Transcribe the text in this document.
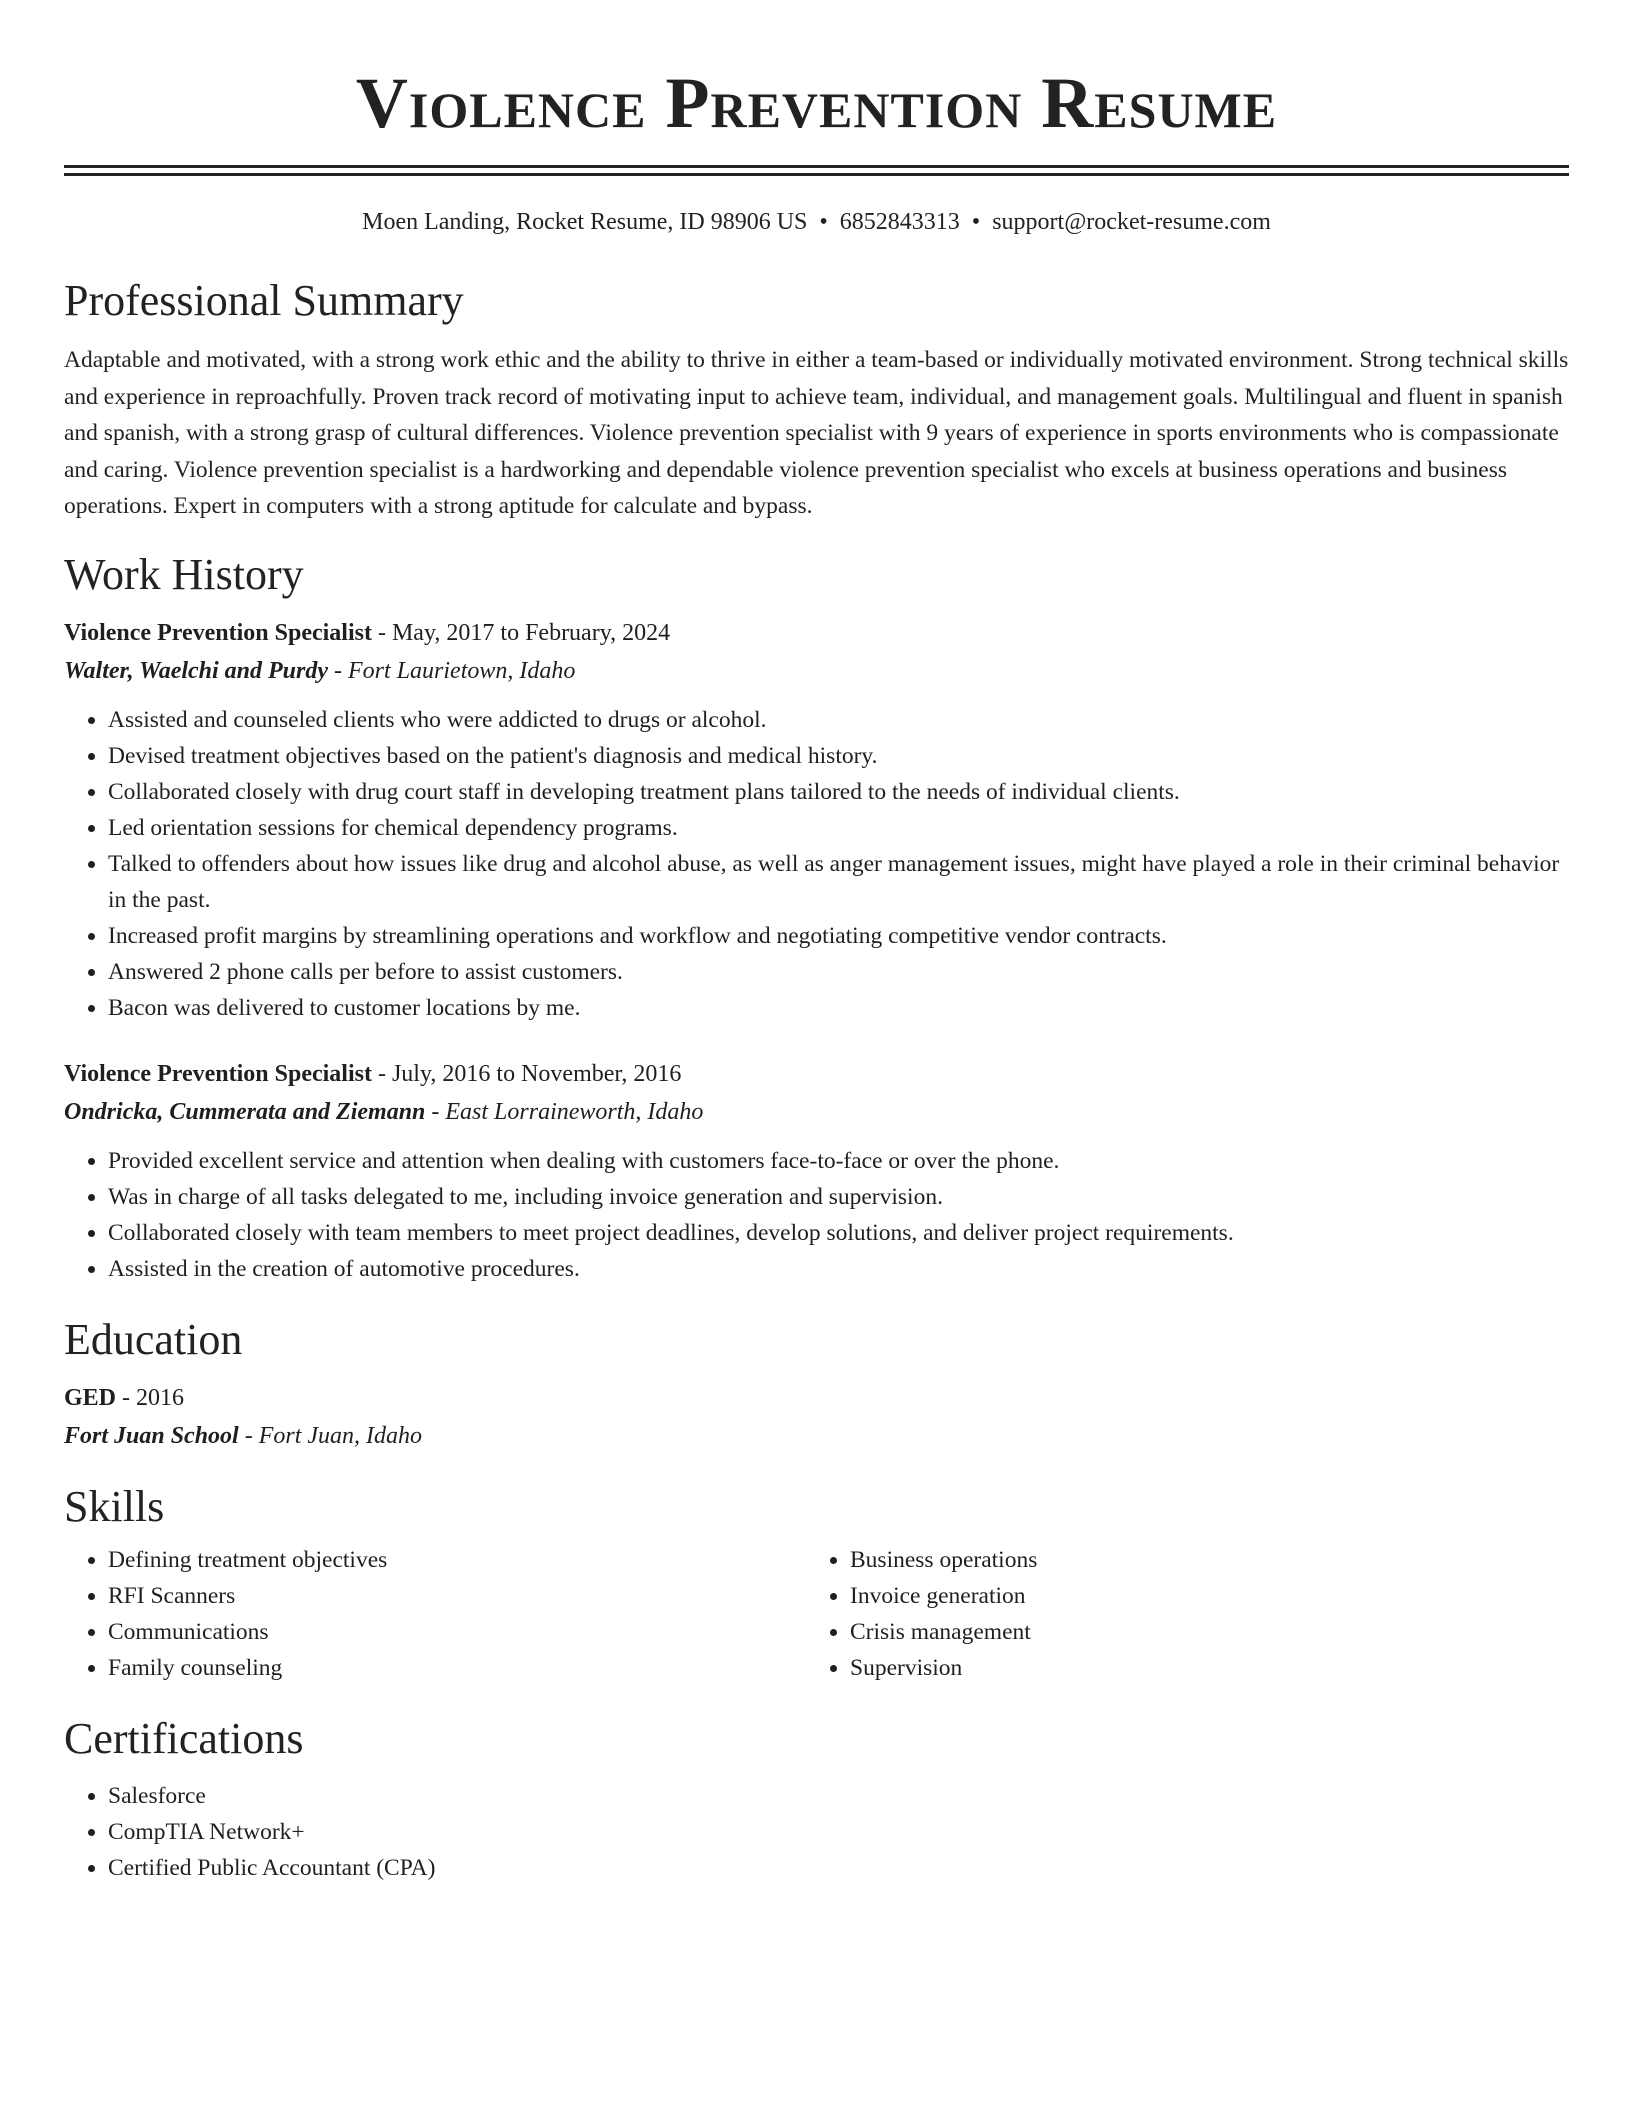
Violence Prevention Resume
Moen Landing, Rocket Resume, ID 98906 US • 6852843313 • support@rocket-resume.com
Professional Summary
Adaptable and motivated, with a strong work ethic and the ability to thrive in either a team-based or individually motivated environment. Strong technical skills and experience in reproachfully. Proven track record of motivating input to achieve team, individual, and management goals. Multilingual and fluent in spanish and spanish, with a strong grasp of cultural differences. Violence prevention specialist with 9 years of experience in sports environments who is compassionate and caring. Violence prevention specialist is a hardworking and dependable violence prevention specialist who excels at business operations and business operations. Expert in computers with a strong aptitude for calculate and bypass.
Work History
Violence Prevention Specialist - May, 2017 to February, 2024
Walter, Waelchi and Purdy - Fort Laurietown, Idaho
• Assisted and counseled clients who were addicted to drugs or alcohol.
• Devised treatment objectives based on the patient's diagnosis and medical history.
• Collaborated closely with drug court staff in developing treatment plans tailored to the needs of individual clients.
• Led orientation sessions for chemical dependency programs.
• Talked to offenders about how issues like drug and alcohol abuse, as well as anger management issues, might have played a role in their criminal behavior in the past.
• Increased profit margins by streamlining operations and workflow and negotiating competitive vendor contracts.
• Answered 2 phone calls per before to assist customers.
• Bacon was delivered to customer locations by me.
Violence Prevention Specialist - July, 2016 to November, 2016
Ondricka, Cummerata and Ziemann - East Lorraineworth, Idaho
• Provided excellent service and attention when dealing with customers face-to-face or over the phone.
• Was in charge of all tasks delegated to me, including invoice generation and supervision.
• Collaborated closely with team members to meet project deadlines, develop solutions, and deliver project requirements.
• Assisted in the creation of automotive procedures.
Education
GED - 2016
Fort Juan School - Fort Juan, Idaho
Skills
• Defining treatment objectives
• RFI Scanners
• Communications
• Family counseling
• Business operations
• Invoice generation
• Crisis management
• Supervision
Certifications
• Salesforce
• CompTIA Network+
• Certified Public Accountant (CPA)
